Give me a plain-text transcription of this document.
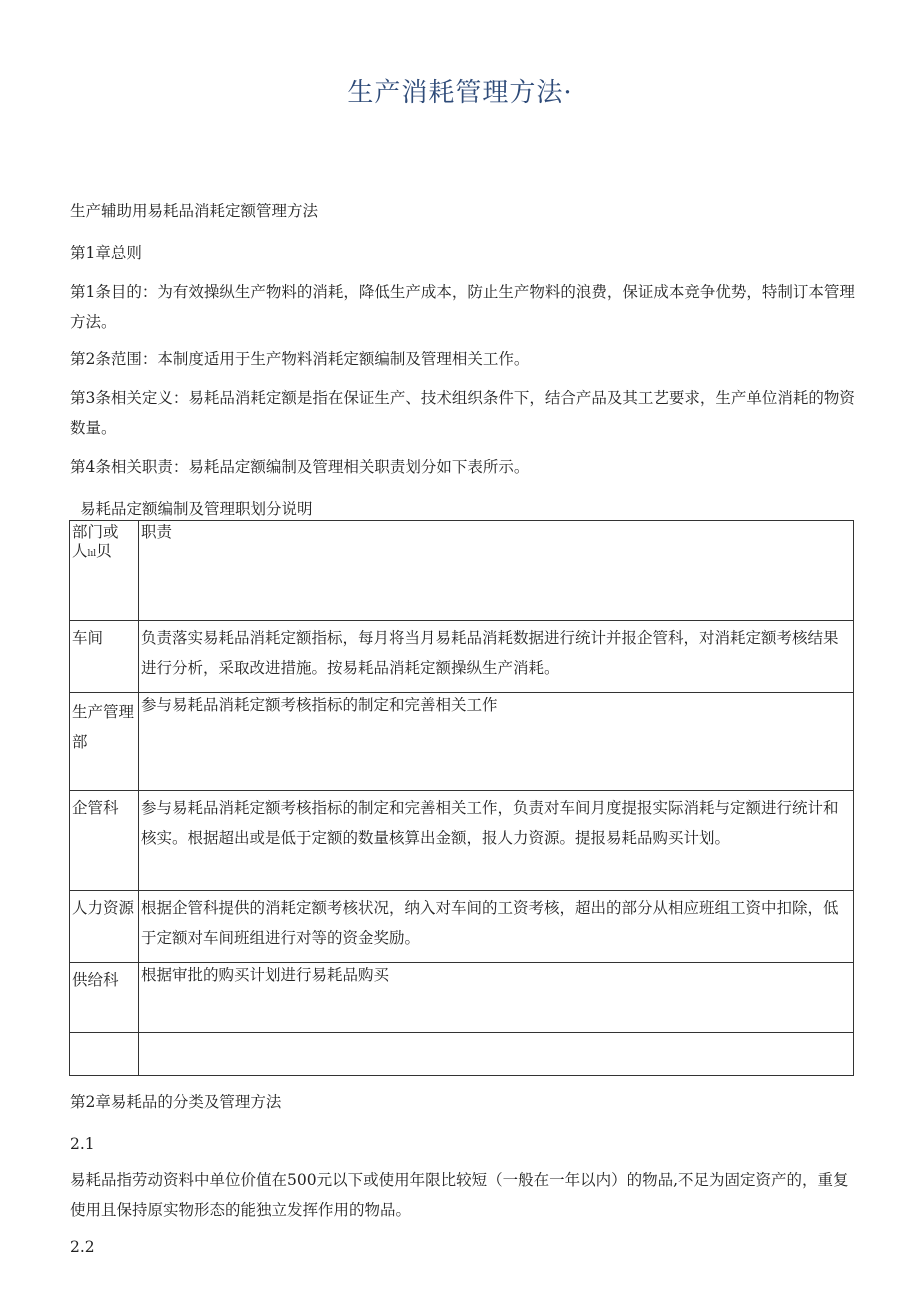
生产消耗管理方法·
生产辅助用易耗品消耗定额管理方法
第1章总则
第1条目的：为有效操纵生产物料的消耗，降低生产成本，防止生产物料的浪费，保证成本竞争优势，特制订本管理方法。
第2条范围：本制度适用于生产物料消耗定额编制及管理相关工作。
第3条相关定义：易耗品消耗定额是指在保证生产、技术组织条件下，结合产品及其工艺要求，生产单位消耗的物资数量。
第4条相关职责：易耗品定额编制及管理相关职责划分如下表所示。
易耗品定额编制及管理职划分说明
部门或
人lıl贝	职责
车间	负责落实易耗品消耗定额指标，每月将当月易耗品消耗数据进行统计并报企管科，对消耗定额考核结果进行分析，采取改进措施。按易耗品消耗定额操纵生产消耗。
生产管理部	参与易耗品消耗定额考核指标的制定和完善相关工作
企管科	参与易耗品消耗定额考核指标的制定和完善相关工作，负责对车间月度提报实际消耗与定额进行统计和核实。根据超出或是低于定额的数量核算出金额，报人力资源。提报易耗品购买计划。
人力资源	根据企管科提供的消耗定额考核状况，纳入对车间的工资考核，超出的部分从相应班组工资中扣除，低于定额对车间班组进行对等的资金奖励。
供给科	根据审批的购买计划进行易耗品购买

第2章易耗品的分类及管理方法
2.1
易耗品指劳动资料中单位价值在500元以下或使用年限比较短（一般在一年以内）的物品,不足为固定资产的，重复使用且保持原实物形态的能独立发挥作用的物品。
2.2
